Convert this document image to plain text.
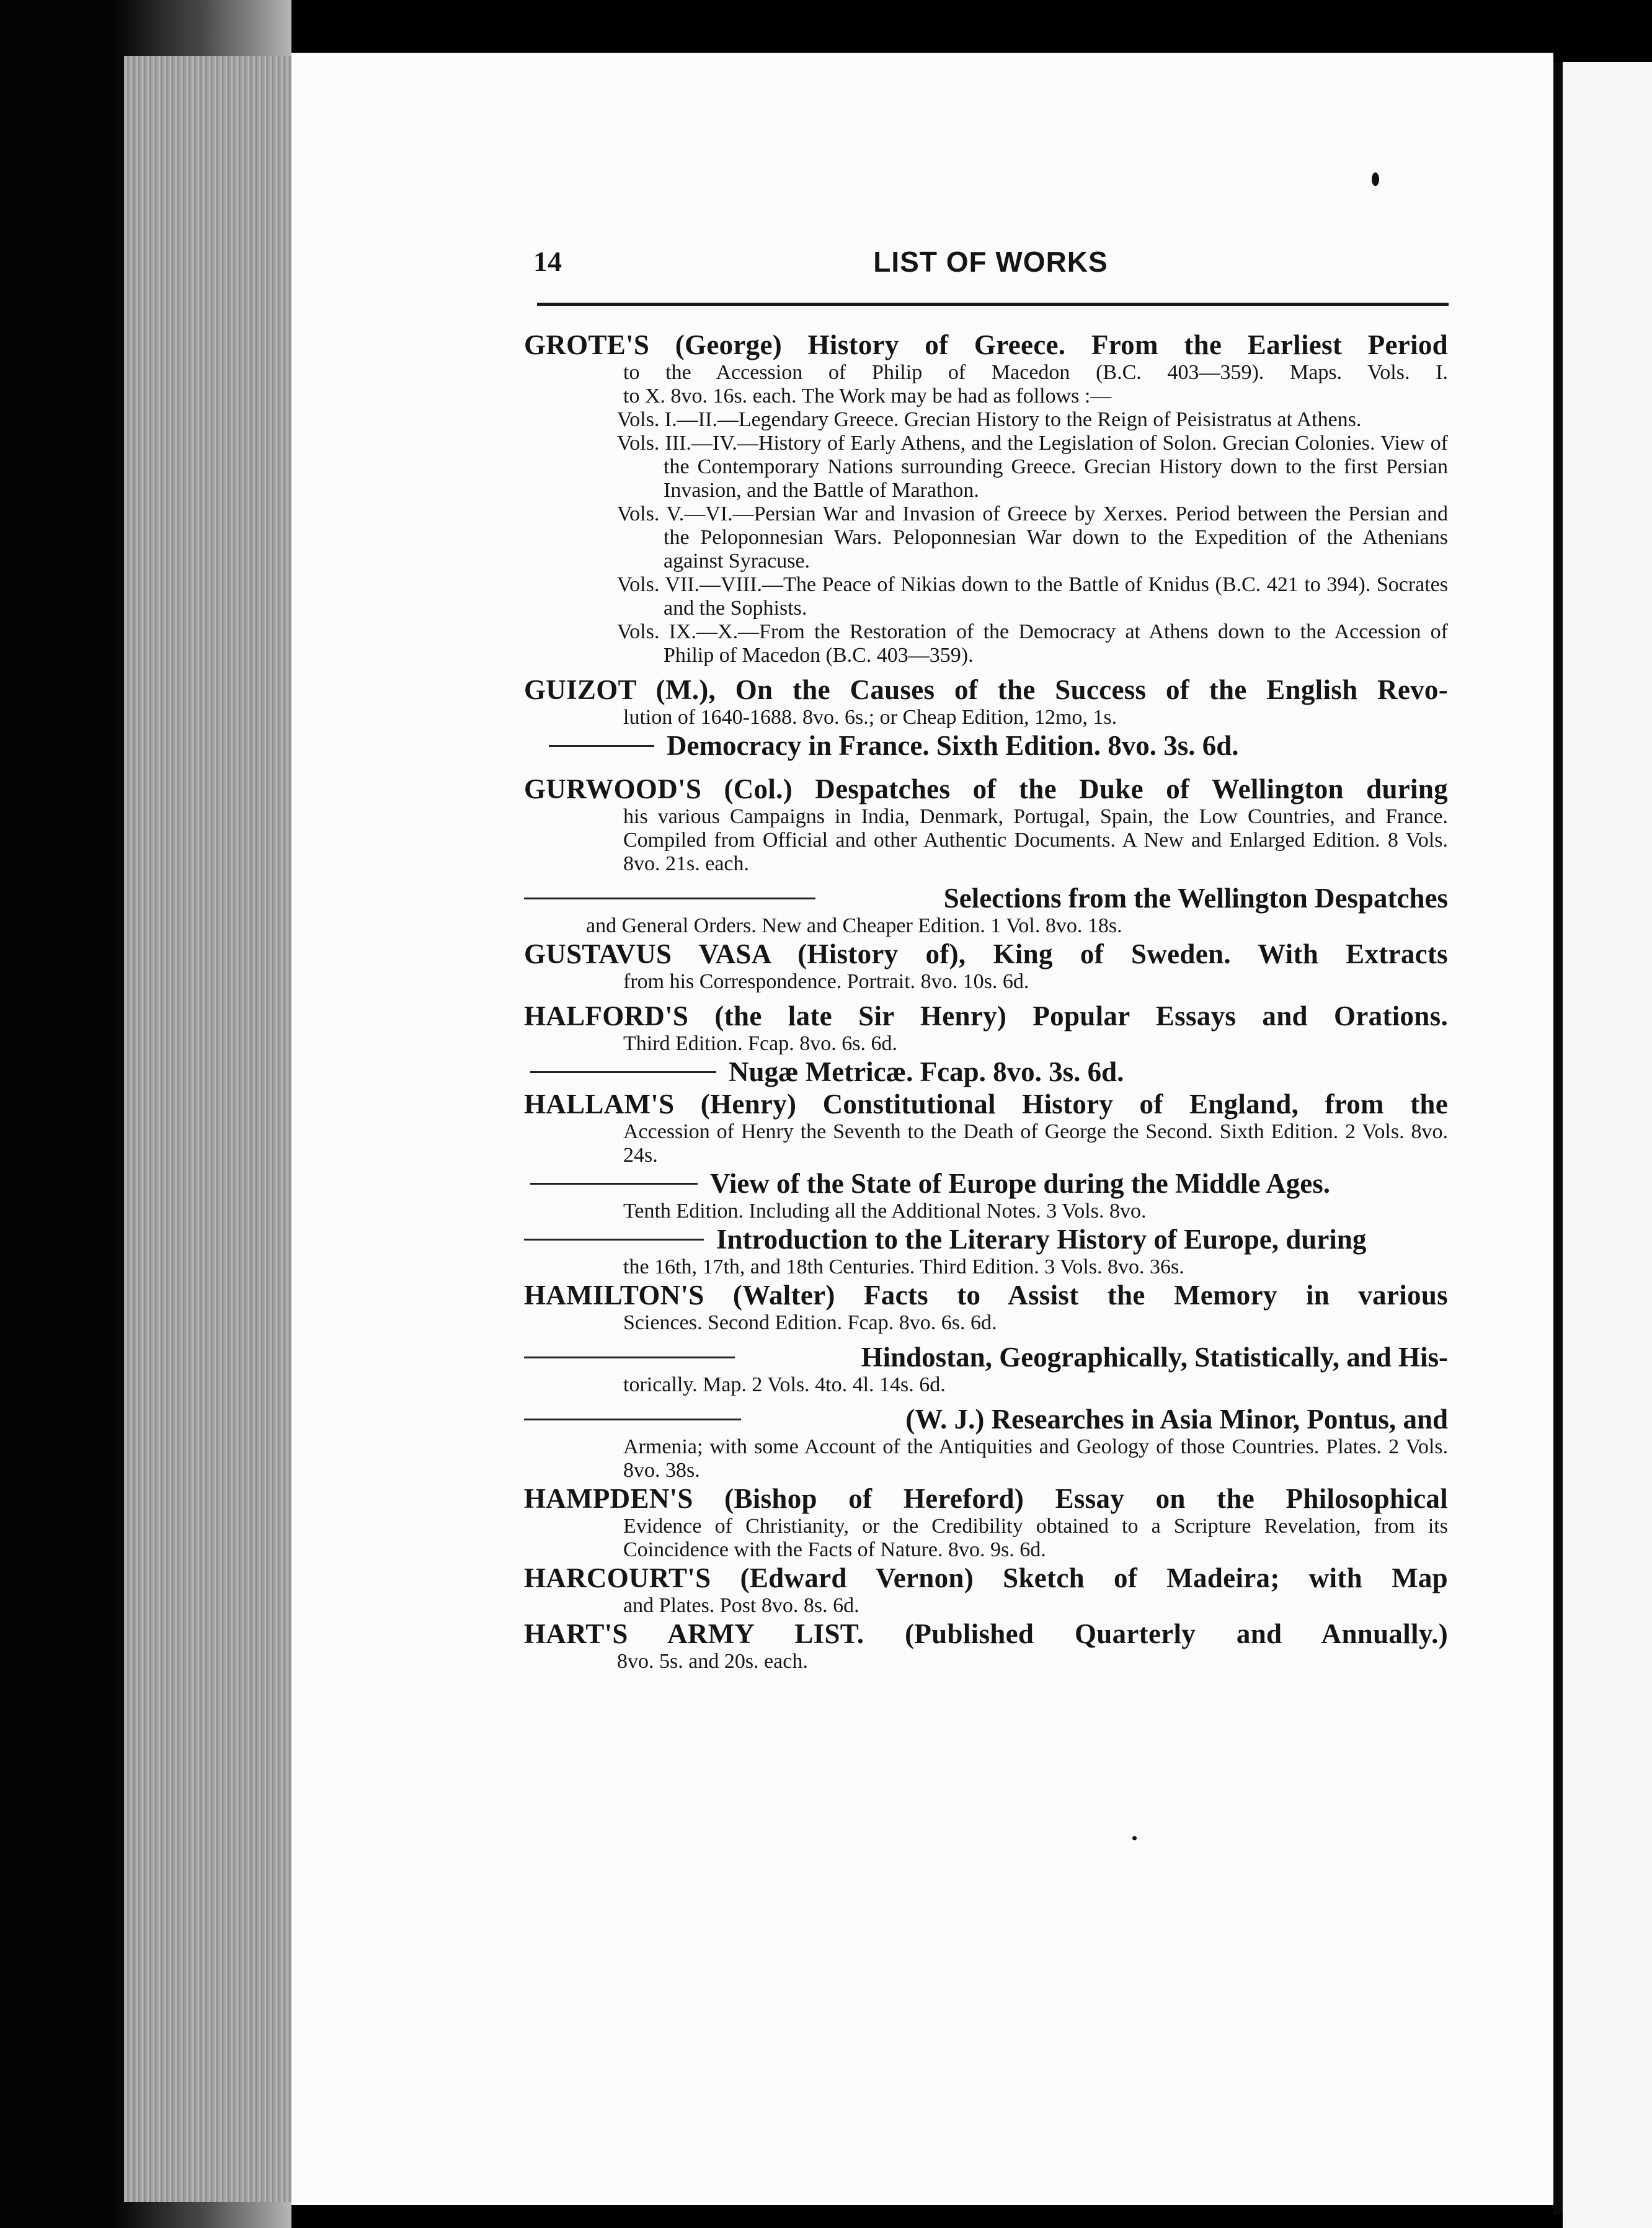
14	LIST OF WORKS
GROTE'S (George) History of Greece. From the Earliest Period
to the Accession of Philip of Macedon (B.C. 403—359). Maps. Vols. I.
to X. 8vo. 16s. each. The Work may be had as follows :—
Vols. I.—II.—Legendary Greece. Grecian History to the Reign of Peisistratus at Athens.
Vols. III.—IV.—History of Early Athens, and the Legislation of Solon. Grecian Colonies. View of the Contemporary Nations surrounding Greece. Grecian History down to the first Persian Invasion, and the Battle of Marathon.
Vols. V.—VI.—Persian War and Invasion of Greece by Xerxes. Period between the Persian and the Peloponnesian Wars. Peloponnesian War down to the Expedition of the Athenians against Syracuse.
Vols. VII.—VIII.—The Peace of Nikias down to the Battle of Knidus (B.C. 421 to 394). Socrates and the Sophists.
Vols. IX.—X.—From the Restoration of the Democracy at Athens down to the Accession of Philip of Macedon (B.C. 403—359).
GUIZOT (M.), On the Causes of the Success of the English Revo-
lution of 1640-1688. 8vo. 6s.; or Cheap Edition, 12mo, 1s.
Democracy in France. Sixth Edition. 8vo. 3s. 6d.
GURWOOD'S (Col.) Despatches of the Duke of Wellington during
his various Campaigns in India, Denmark, Portugal, Spain, the Low Countries, and France. Compiled from Official and other Authentic Documents. A New and Enlarged Edition. 8 Vols. 8vo. 21s. each.
Selections from the Wellington Despatches
and General Orders. New and Cheaper Edition. 1 Vol. 8vo. 18s.
GUSTAVUS VASA (History of), King of Sweden. With Extracts
from his Correspondence. Portrait. 8vo. 10s. 6d.
HALFORD'S (the late Sir Henry) Popular Essays and Orations.
Third Edition. Fcap. 8vo. 6s. 6d.
Nugæ Metricæ. Fcap. 8vo. 3s. 6d.
HALLAM'S (Henry) Constitutional History of England, from the
Accession of Henry the Seventh to the Death of George the Second. Sixth Edition. 2 Vols. 8vo. 24s.
View of the State of Europe during the Middle Ages.
Tenth Edition. Including all the Additional Notes. 3 Vols. 8vo.
Introduction to the Literary History of Europe, during
the 16th, 17th, and 18th Centuries. Third Edition. 3 Vols. 8vo. 36s.
HAMILTON'S (Walter) Facts to Assist the Memory in various
Sciences. Second Edition. Fcap. 8vo. 6s. 6d.
Hindostan, Geographically, Statistically, and His-
torically. Map. 2 Vols. 4to. 4l. 14s. 6d.
(W. J.) Researches in Asia Minor, Pontus, and
Armenia; with some Account of the Antiquities and Geology of those Countries. Plates. 2 Vols. 8vo. 38s.
HAMPDEN'S (Bishop of Hereford) Essay on the Philosophical
Evidence of Christianity, or the Credibility obtained to a Scripture Revelation, from its Coincidence with the Facts of Nature. 8vo. 9s. 6d.
HARCOURT'S (Edward Vernon) Sketch of Madeira; with Map
and Plates. Post 8vo. 8s. 6d.
HART'S ARMY LIST. (Published Quarterly and Annually.)
8vo. 5s. and 20s. each.
